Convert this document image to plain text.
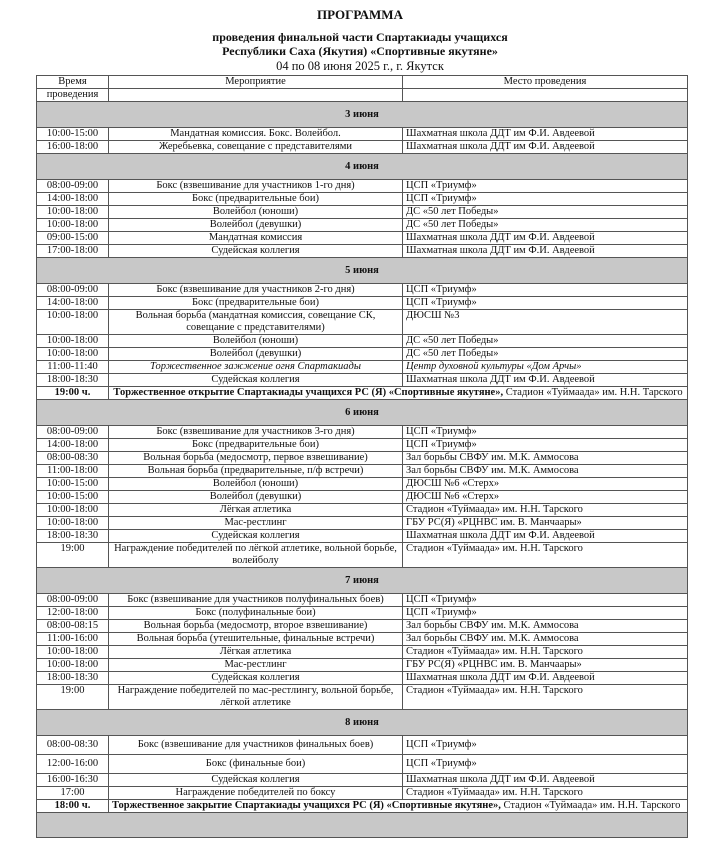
ПРОГРАММА
проведения финальной части Спартакиады учащихся
Республики Саха (Якутия) «Спортивные якутяне»
04 по 08 июня 2025 г., г. Якутск
Время	Мероприятие	Место проведения
проведения		
3 июня		
10:00-15:00	Мандатная комиссия. Бокс. Волейбол.	Шахматная школа ДДТ им Ф.И. Авдеевой
16:00-18:00	Жеребьевка, совещание с представителями	Шахматная школа ДДТ им Ф.И. Авдеевой
4 июня		
08:00-09:00	Бокс (взвешивание для участников 1-го дня)	ЦСП «Триумф»
14:00-18:00	Бокс (предварительные бои)	ЦСП «Триумф»
10:00-18:00	Волейбол (юноши)	ДС «50 лет Победы»
10:00-18:00	Волейбол (девушки)	ДС «50 лет Победы»
09:00-15:00	Мандатная комиссия	Шахматная школа ДДТ им Ф.И. Авдеевой
17:00-18:00	Судейская коллегия	Шахматная школа ДДТ им Ф.И. Авдеевой
5 июня		
08:00-09:00	Бокс (взвешивание для участников 2-го дня)	ЦСП «Триумф»
14:00-18:00	Бокс (предварительные бои)	ЦСП «Триумф»
10:00-18:00	Вольная борьба (мандатная комиссия, совещание СК, совещание с представителями)	ДЮСШ №3
10:00-18:00	Волейбол (юноши)	ДС «50 лет Победы»
10:00-18:00	Волейбол (девушки)	ДС «50 лет Победы»
11:00-11:40	Торжественное зажжение огня Спартакиады	Центр духовной культуры «Дом Арчы»
18:00-18:30	Судейская коллегия	Шахматная школа ДДТ им Ф.И. Авдеевой
19:00 ч.	Торжественное открытие Спартакиады учащихся РС (Я) «Спортивные якутяне», Стадион «Туймаада» им. Н.Н. Тарского	
6 июня		
08:00-09:00	Бокс (взвешивание для участников 3-го дня)	ЦСП «Триумф»
14:00-18:00	Бокс (предварительные бои)	ЦСП «Триумф»
08:00-08:30	Вольная борьба (медосмотр, первое взвешивание)	Зал борьбы СВФУ им. М.К. Аммосова
11:00-18:00	Вольная борьба (предварительные, п/ф встречи)	Зал борьбы СВФУ им. М.К. Аммосова
10:00-15:00	Волейбол (юноши)	ДЮСШ №6 «Стерх»
10:00-15:00	Волейбол (девушки)	ДЮСШ №6 «Стерх»
10:00-18:00	Лёгкая атлетика	Стадион «Туймаада» им. Н.Н. Тарского
10:00-18:00	Мас-рестлинг	ГБУ РС(Я) «РЦНВС им. В. Манчаары»
18:00-18:30	Судейская коллегия	Шахматная школа ДДТ им Ф.И. Авдеевой
19:00	Награждение победителей по лёгкой атлетике, вольной борьбе, волейболу	Стадион «Туймаада» им. Н.Н. Тарского
7 июня		
08:00-09:00	Бокс (взвешивание для участников полуфинальных боев)	ЦСП «Триумф»
12:00-18:00	Бокс (полуфинальные бои)	ЦСП «Триумф»
08:00-08:15	Вольная борьба (медосмотр, второе взвешивание)	Зал борьбы СВФУ им. М.К. Аммосова
11:00-16:00	Вольная борьба (утешительные, финальные встречи)	Зал борьбы СВФУ им. М.К. Аммосова
10:00-18:00	Лёгкая атлетика	Стадион «Туймаада» им. Н.Н. Тарского
10:00-18:00	Мас-рестлинг	ГБУ РС(Я) «РЦНВС им. В. Манчаары»
18:00-18:30	Судейская коллегия	Шахматная школа ДДТ им Ф.И. Авдеевой
19:00	Награждение победителей по мас-рестлингу, вольной борьбе, лёгкой атлетике	Стадион «Туймаада» им. Н.Н. Тарского
8 июня		
08:00-08:30	Бокс (взвешивание для участников финальных боев)	ЦСП «Триумф»
12:00-16:00	Бокс (финальные бои)	ЦСП «Триумф»
16:00-16:30	Судейская коллегия	Шахматная школа ДДТ им Ф.И. Авдеевой
17:00	Награждение победителей по боксу	Стадион «Туймаада» им. Н.Н. Тарского
18:00 ч.	Торжественное закрытие Спартакиады учащихся РС (Я) «Спортивные якутяне», Стадион «Туймаада» им. Н.Н. Тарского	
